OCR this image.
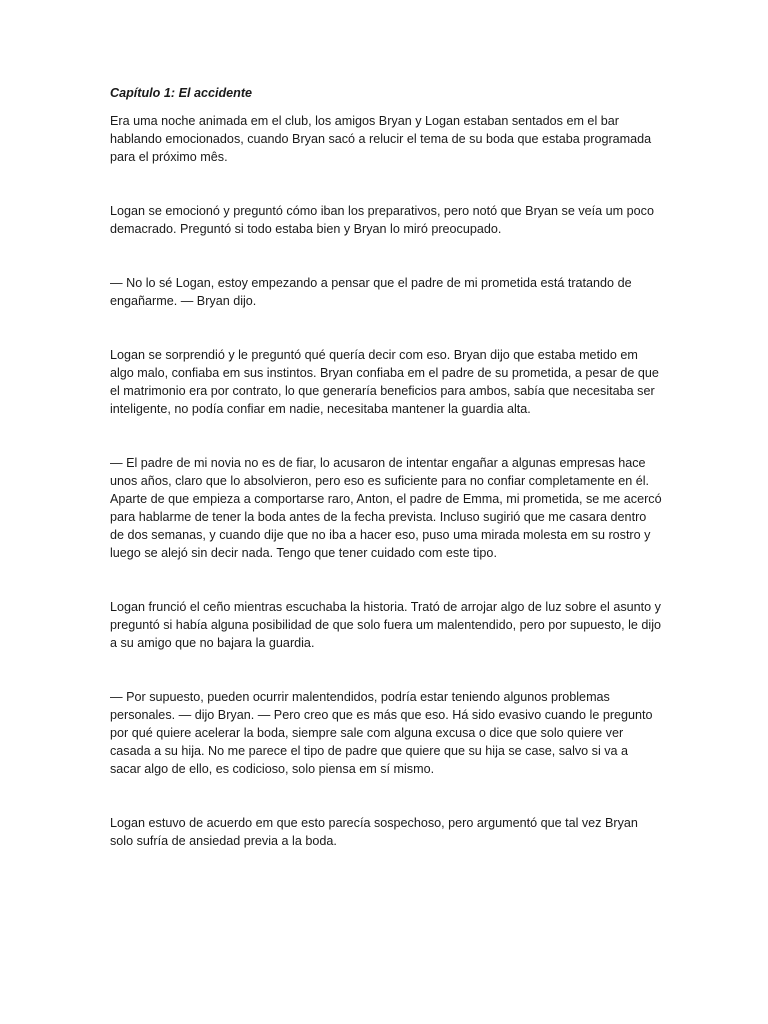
Capítulo 1: El accidente

Era uma noche animada em el club, los amigos Bryan y Logan estaban sentados em el bar hablando emocionados, cuando Bryan sacó a relucir el tema de su boda que estaba programada para el próximo mês.

Logan se emocionó y preguntó cómo iban los preparativos, pero notó que Bryan se veía um poco demacrado. Preguntó si todo estaba bien y Bryan lo miró preocupado.

— No lo sé Logan, estoy empezando a pensar que el padre de mi prometida está tratando de engañarme. — Bryan dijo.

Logan se sorprendió y le preguntó qué quería decir com eso. Bryan dijo que estaba metido em algo malo, confiaba em sus instintos. Bryan confiaba em el padre de su prometida, a pesar de que el matrimonio era por contrato, lo que generaría beneficios para ambos, sabía que necesitaba ser inteligente, no podía confiar em nadie, necesitaba mantener la guardia alta.

— El padre de mi novia no es de fiar, lo acusaron de intentar engañar a algunas empresas hace unos años, claro que lo absolvieron, pero eso es suficiente para no confiar completamente en él. Aparte de que empieza a comportarse raro, Anton, el padre de Emma, mi prometida, se me acercó para hablarme de tener la boda antes de la fecha prevista. Incluso sugirió que me casara dentro de dos semanas, y cuando dije que no iba a hacer eso, puso uma mirada molesta em su rostro y luego se alejó sin decir nada. Tengo que tener cuidado com este tipo.

Logan frunció el ceño mientras escuchaba la historia. Trató de arrojar algo de luz sobre el asunto y preguntó si había alguna posibilidad de que solo fuera um malentendido, pero por supuesto, le dijo a su amigo que no bajara la guardia.

— Por supuesto, pueden ocurrir malentendidos, podría estar teniendo algunos problemas personales. — dijo Bryan. — Pero creo que es más que eso. Há sido evasivo cuando le pregunto por qué quiere acelerar la boda, siempre sale com alguna excusa o dice que solo quiere ver casada a su hija. No me parece el tipo de padre que quiere que su hija se case, salvo si va a sacar algo de ello, es codicioso, solo piensa em sí mismo.

Logan estuvo de acuerdo em que esto parecía sospechoso, pero argumentó que tal vez Bryan solo sufría de ansiedad previa a la boda.
